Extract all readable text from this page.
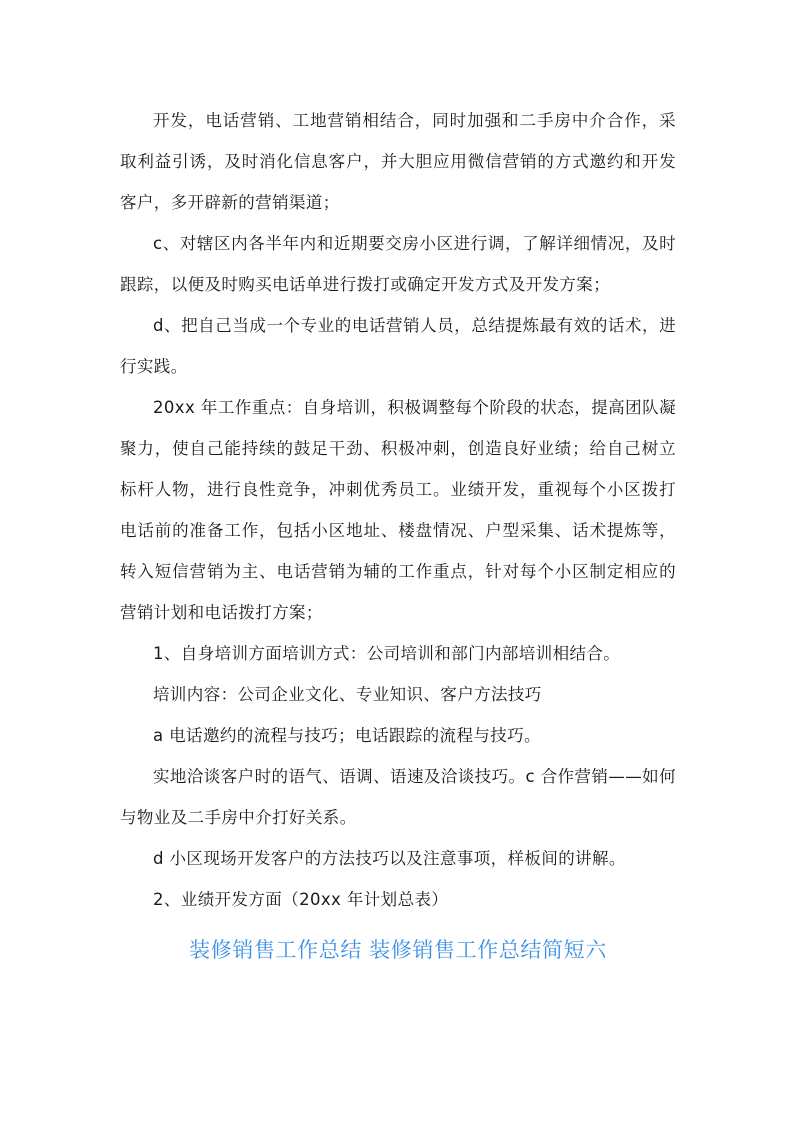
开发，电话营销、工地营销相结合，同时加强和二手房中介合作，采取利益引诱，及时消化信息客户，并大胆应用微信营销的方式邀约和开发客户，多开辟新的营销渠道；

c、对辖区内各半年内和近期要交房小区进行调，了解详细情况，及时跟踪，以便及时购买电话单进行拨打或确定开发方式及开发方案；

d、把自己当成一个专业的电话营销人员，总结提炼最有效的话术，进行实践。

20xx 年工作重点：自身培训，积极调整每个阶段的状态，提高团队凝聚力，使自己能持续的鼓足干劲、积极冲刺，创造良好业绩；给自己树立标杆人物，进行良性竞争，冲刺优秀员工。业绩开发，重视每个小区拨打电话前的准备工作，包括小区地址、楼盘情况、户型采集、话术提炼等，转入短信营销为主、电话营销为辅的工作重点，针对每个小区制定相应的营销计划和电话拨打方案；

1、自身培训方面培训方式：公司培训和部门内部培训相结合。

培训内容：公司企业文化、专业知识、客户方法技巧

a 电话邀约的流程与技巧；电话跟踪的流程与技巧。

实地洽谈客户时的语气、语调、语速及洽谈技巧。c 合作营销——如何与物业及二手房中介打好关系。

d 小区现场开发客户的方法技巧以及注意事项，样板间的讲解。

2、业绩开发方面（20xx 年计划总表）

装修销售工作总结 装修销售工作总结简短六
